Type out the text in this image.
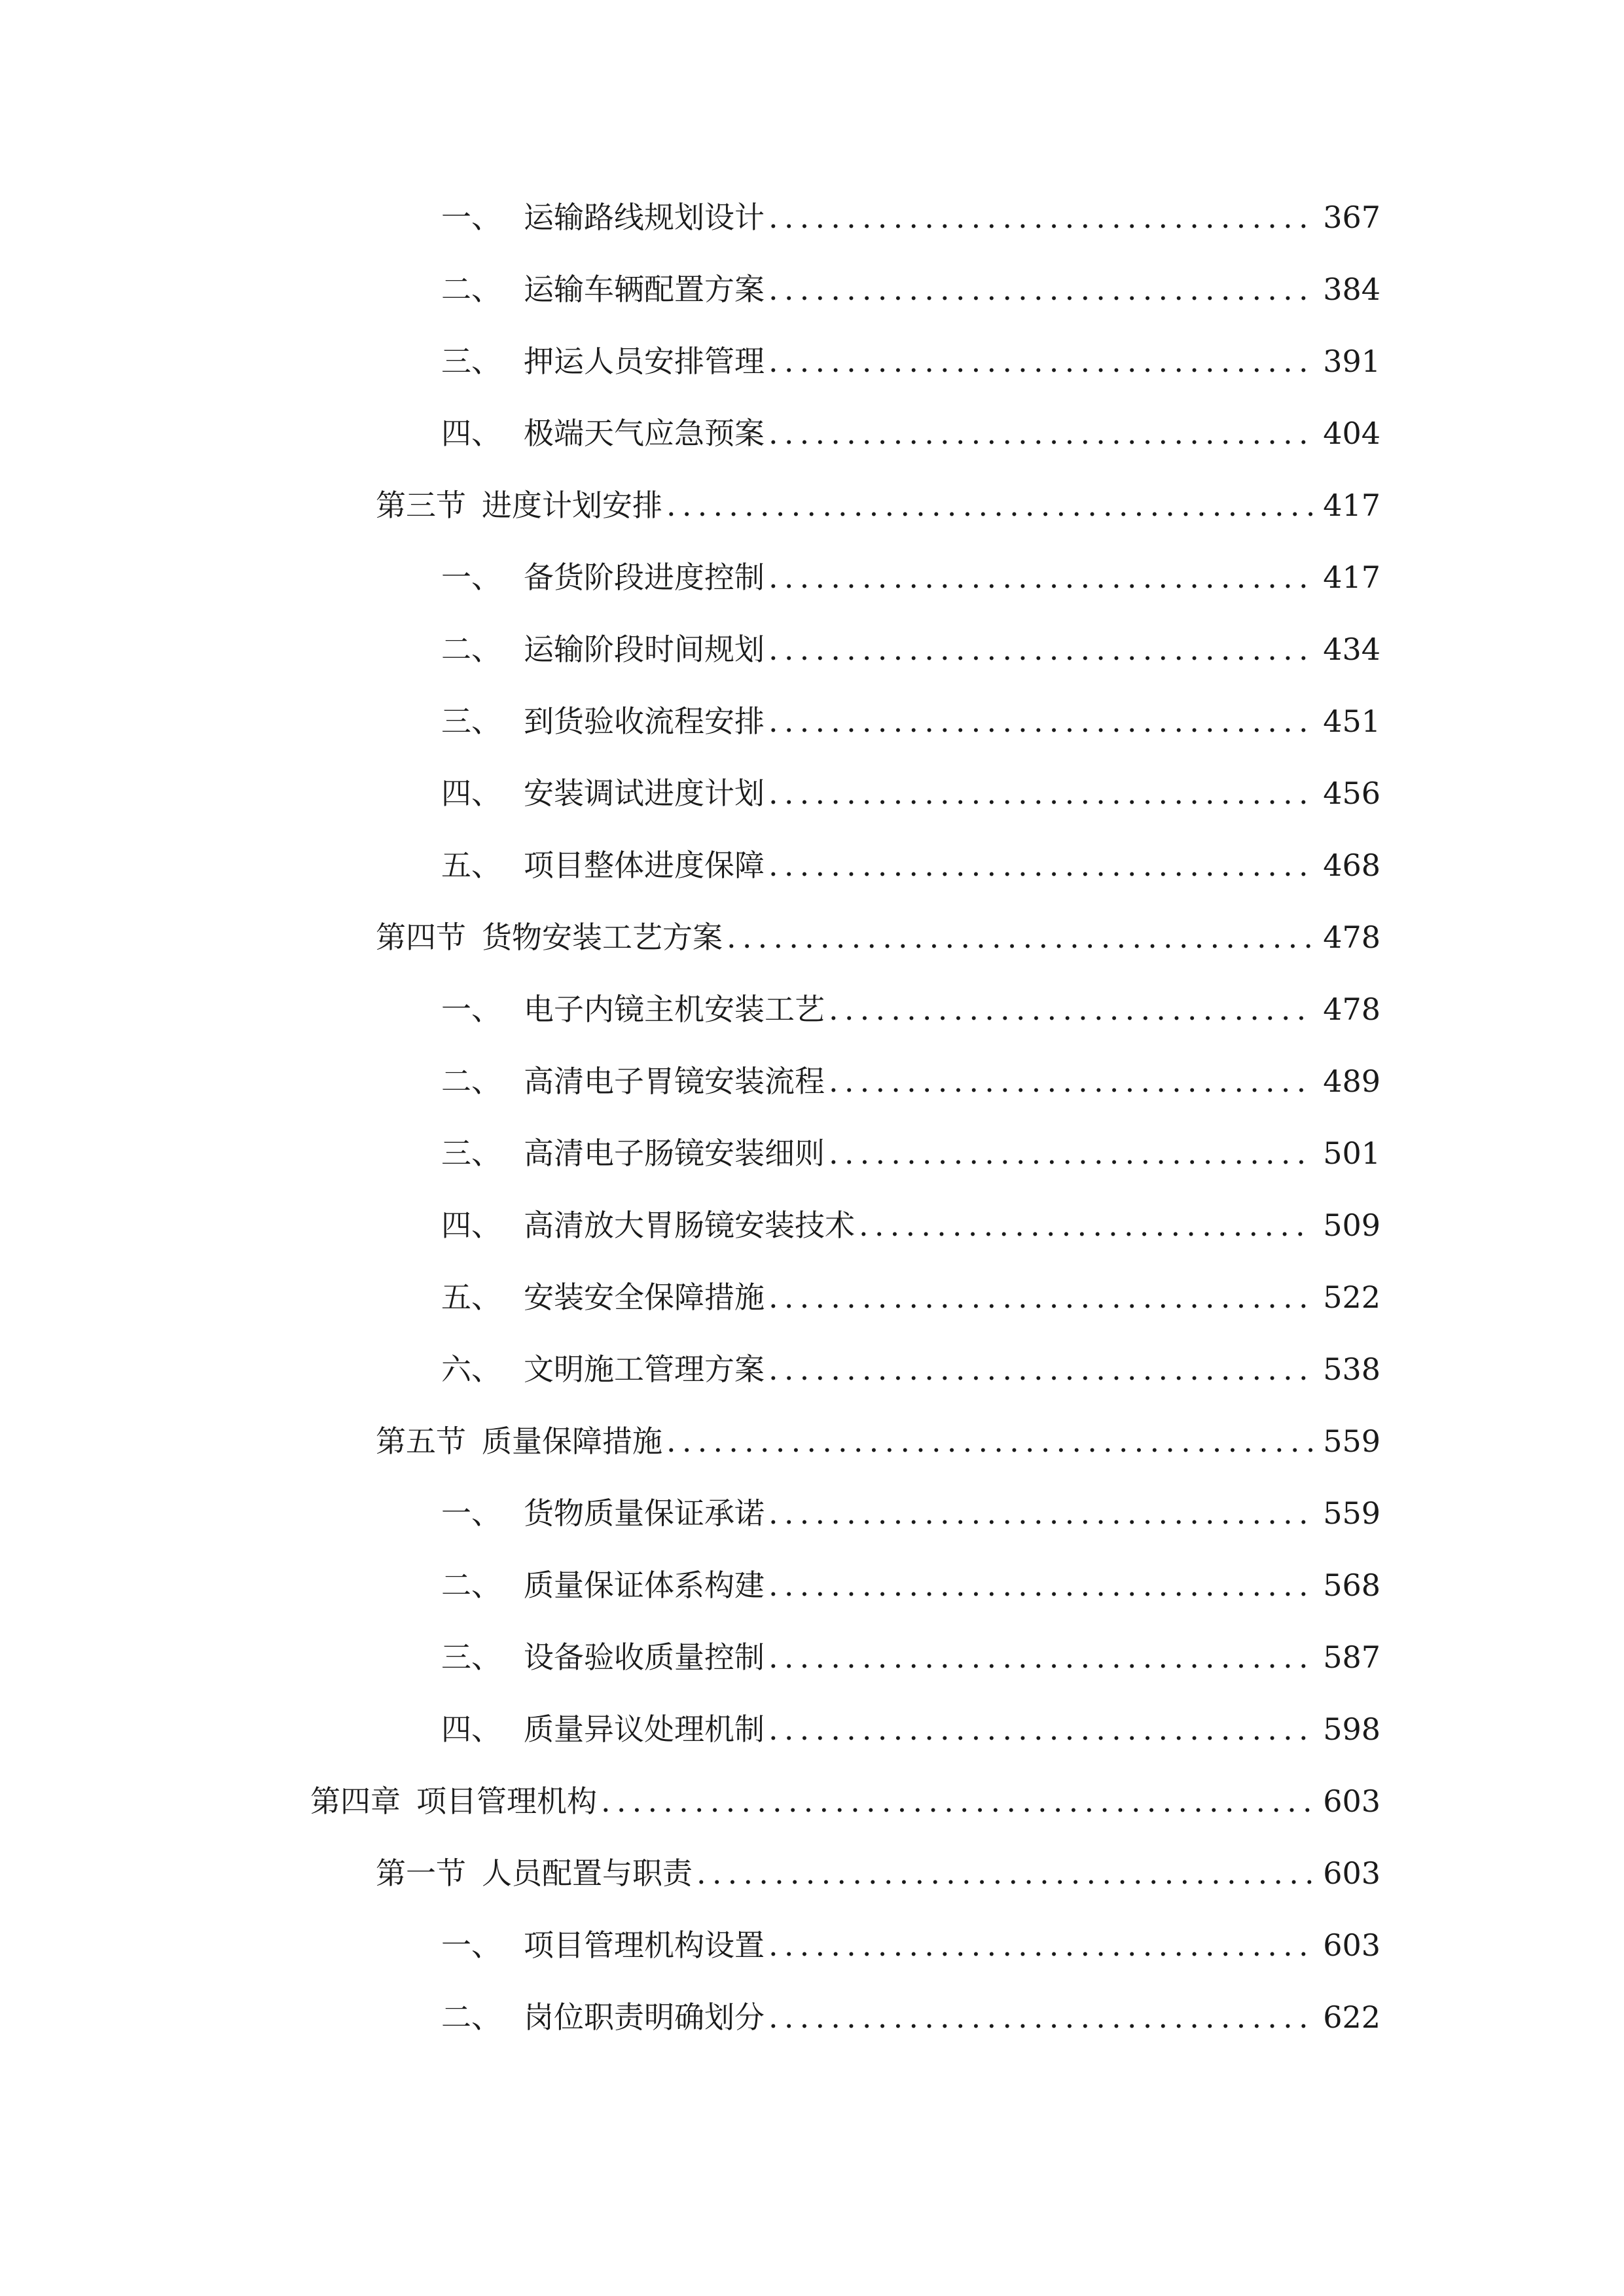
一、 运输路线规划设计 .....	367
二、 运输车辆配置方案 .....	384
三、 押运人员安排管理 .....	391
四、 极端天气应急预案 .....	404
第三节 进度计划安排 .....	417
一、 备货阶段进度控制 .....	417
二、 运输阶段时间规划 .....	434
三、 到货验收流程安排 .....	451
四、 安装调试进度计划 .....	456
五、 项目整体进度保障 .....	468
第四节 货物安装工艺方案 .....	478
一、 电子内镜主机安装工艺 .....	478
二、 高清电子胃镜安装流程 .....	489
三、 高清电子肠镜安装细则 .....	501
四、 高清放大胃肠镜安装技术 .....	509
五、 安装安全保障措施 .....	522
六、 文明施工管理方案 .....	538
第五节 质量保障措施 .....	559
一、 货物质量保证承诺 .....	559
二、 质量保证体系构建 .....	568
三、 设备验收质量控制 .....	587
四、 质量异议处理机制 .....	598
第四章 项目管理机构 .....	603
第一节 人员配置与职责 .....	603
一、 项目管理机构设置 .....	603
二、 岗位职责明确划分 .....	622
